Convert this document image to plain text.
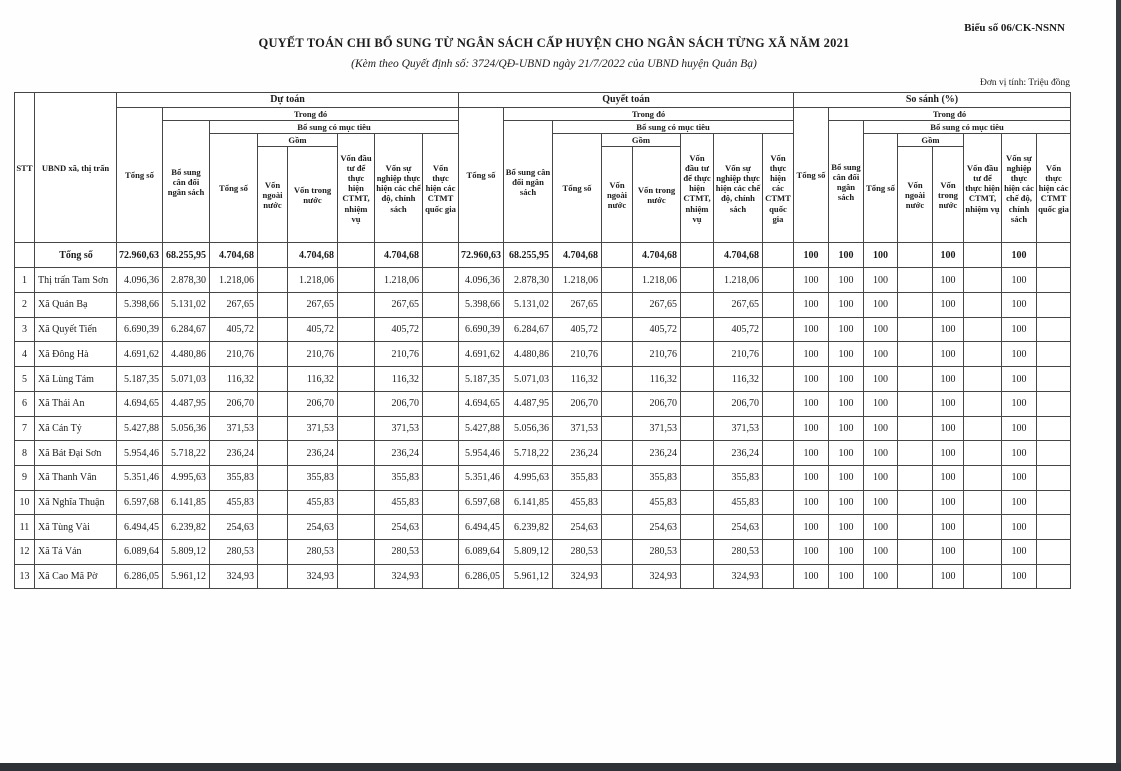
Biểu số 06/CK-NSNN
QUYẾT TOÁN CHI BỔ SUNG TỪ NGÂN SÁCH CẤP HUYỆN CHO NGÂN SÁCH TỪNG XÃ NĂM 2021
(Kèm theo Quyết định số: 3724/QĐ-UBND ngày 21/7/2022 của UBND huyện Quản Bạ)
Đơn vị tính: Triệu đồng
STT	UBND xã, thị trấn	Dự toán								Quyết toán								So sánh (%)							
		Tổng số	Trong đó							Tổng số	Trong đó							Tổng số	Trong đó						
			Bổ sung cân đối ngân sách	Bổ sung có mục tiêu							Bổ sung cân đối ngân sách	Bổ sung có mục tiêu							Bổ sung cân đối ngân sách	Bổ sung có mục tiêu					
				Tổng số	Gồm		Vốn đầu tư để thực hiện CTMT, nhiệm vụ	Vốn sự nghiệp thực hiện các chế độ, chính sách	Vốn thực hiện các CTMT quốc gia			Tổng số	Gồm		Vốn đầu tư để thực hiện CTMT, nhiệm vụ	Vốn sự nghiệp thực hiện các chế độ, chính sách	Vốn thực hiện các CTMT quốc gia			Tổng số	Gồm		Vốn đầu tư để thực hiện CTMT, nhiệm vụ	Vốn sự nghiệp thực hiện các chế độ, chính sách	Vốn thực hiện các CTMT quốc gia
					Vốn ngoài nước	Vốn trong nước							Vốn ngoài nước	Vốn trong nước							Vốn ngoài nước	Vốn trong nước			
	Tổng số	72.960,63	68.255,95	4.704,68		4.704,68		4.704,68		72.960,63	68.255,95	4.704,68		4.704,68		4.704,68		100	100	100		100		100	
1	Thị trấn Tam Sơn	4.096,36	2.878,30	1.218,06		1.218,06		1.218,06		4.096,36	2.878,30	1.218,06		1.218,06		1.218,06		100	100	100		100		100	
2	Xã Quản Bạ	5.398,66	5.131,02	267,65		267,65		267,65		5.398,66	5.131,02	267,65		267,65		267,65		100	100	100		100		100	
3	Xã Quyết Tiến	6.690,39	6.284,67	405,72		405,72		405,72		6.690,39	6.284,67	405,72		405,72		405,72		100	100	100		100		100	
4	Xã Đông Hà	4.691,62	4.480,86	210,76		210,76		210,76		4.691,62	4.480,86	210,76		210,76		210,76		100	100	100		100		100	
5	Xã Lùng Tám	5.187,35	5.071,03	116,32		116,32		116,32		5.187,35	5.071,03	116,32		116,32		116,32		100	100	100		100		100	
6	Xã Thái An	4.694,65	4.487,95	206,70		206,70		206,70		4.694,65	4.487,95	206,70		206,70		206,70		100	100	100		100		100	
7	Xã Cán Tỷ	5.427,88	5.056,36	371,53		371,53		371,53		5.427,88	5.056,36	371,53		371,53		371,53		100	100	100		100		100	
8	Xã Bát Đại Sơn	5.954,46	5.718,22	236,24		236,24		236,24		5.954,46	5.718,22	236,24		236,24		236,24		100	100	100		100		100	
9	Xã Thanh Vân	5.351,46	4.995,63	355,83		355,83		355,83		5.351,46	4.995,63	355,83		355,83		355,83		100	100	100		100		100	
10	Xã Nghĩa Thuận	6.597,68	6.141,85	455,83		455,83		455,83		6.597,68	6.141,85	455,83		455,83		455,83		100	100	100		100		100	
11	Xã Tùng Vài	6.494,45	6.239,82	254,63		254,63		254,63		6.494,45	6.239,82	254,63		254,63		254,63		100	100	100		100		100	
12	Xã Tả Ván	6.089,64	5.809,12	280,53		280,53		280,53		6.089,64	5.809,12	280,53		280,53		280,53		100	100	100		100		100	
13	Xã Cao Mã Pờ	6.286,05	5.961,12	324,93		324,93		324,93		6.286,05	5.961,12	324,93		324,93		324,93		100	100	100		100		100	
